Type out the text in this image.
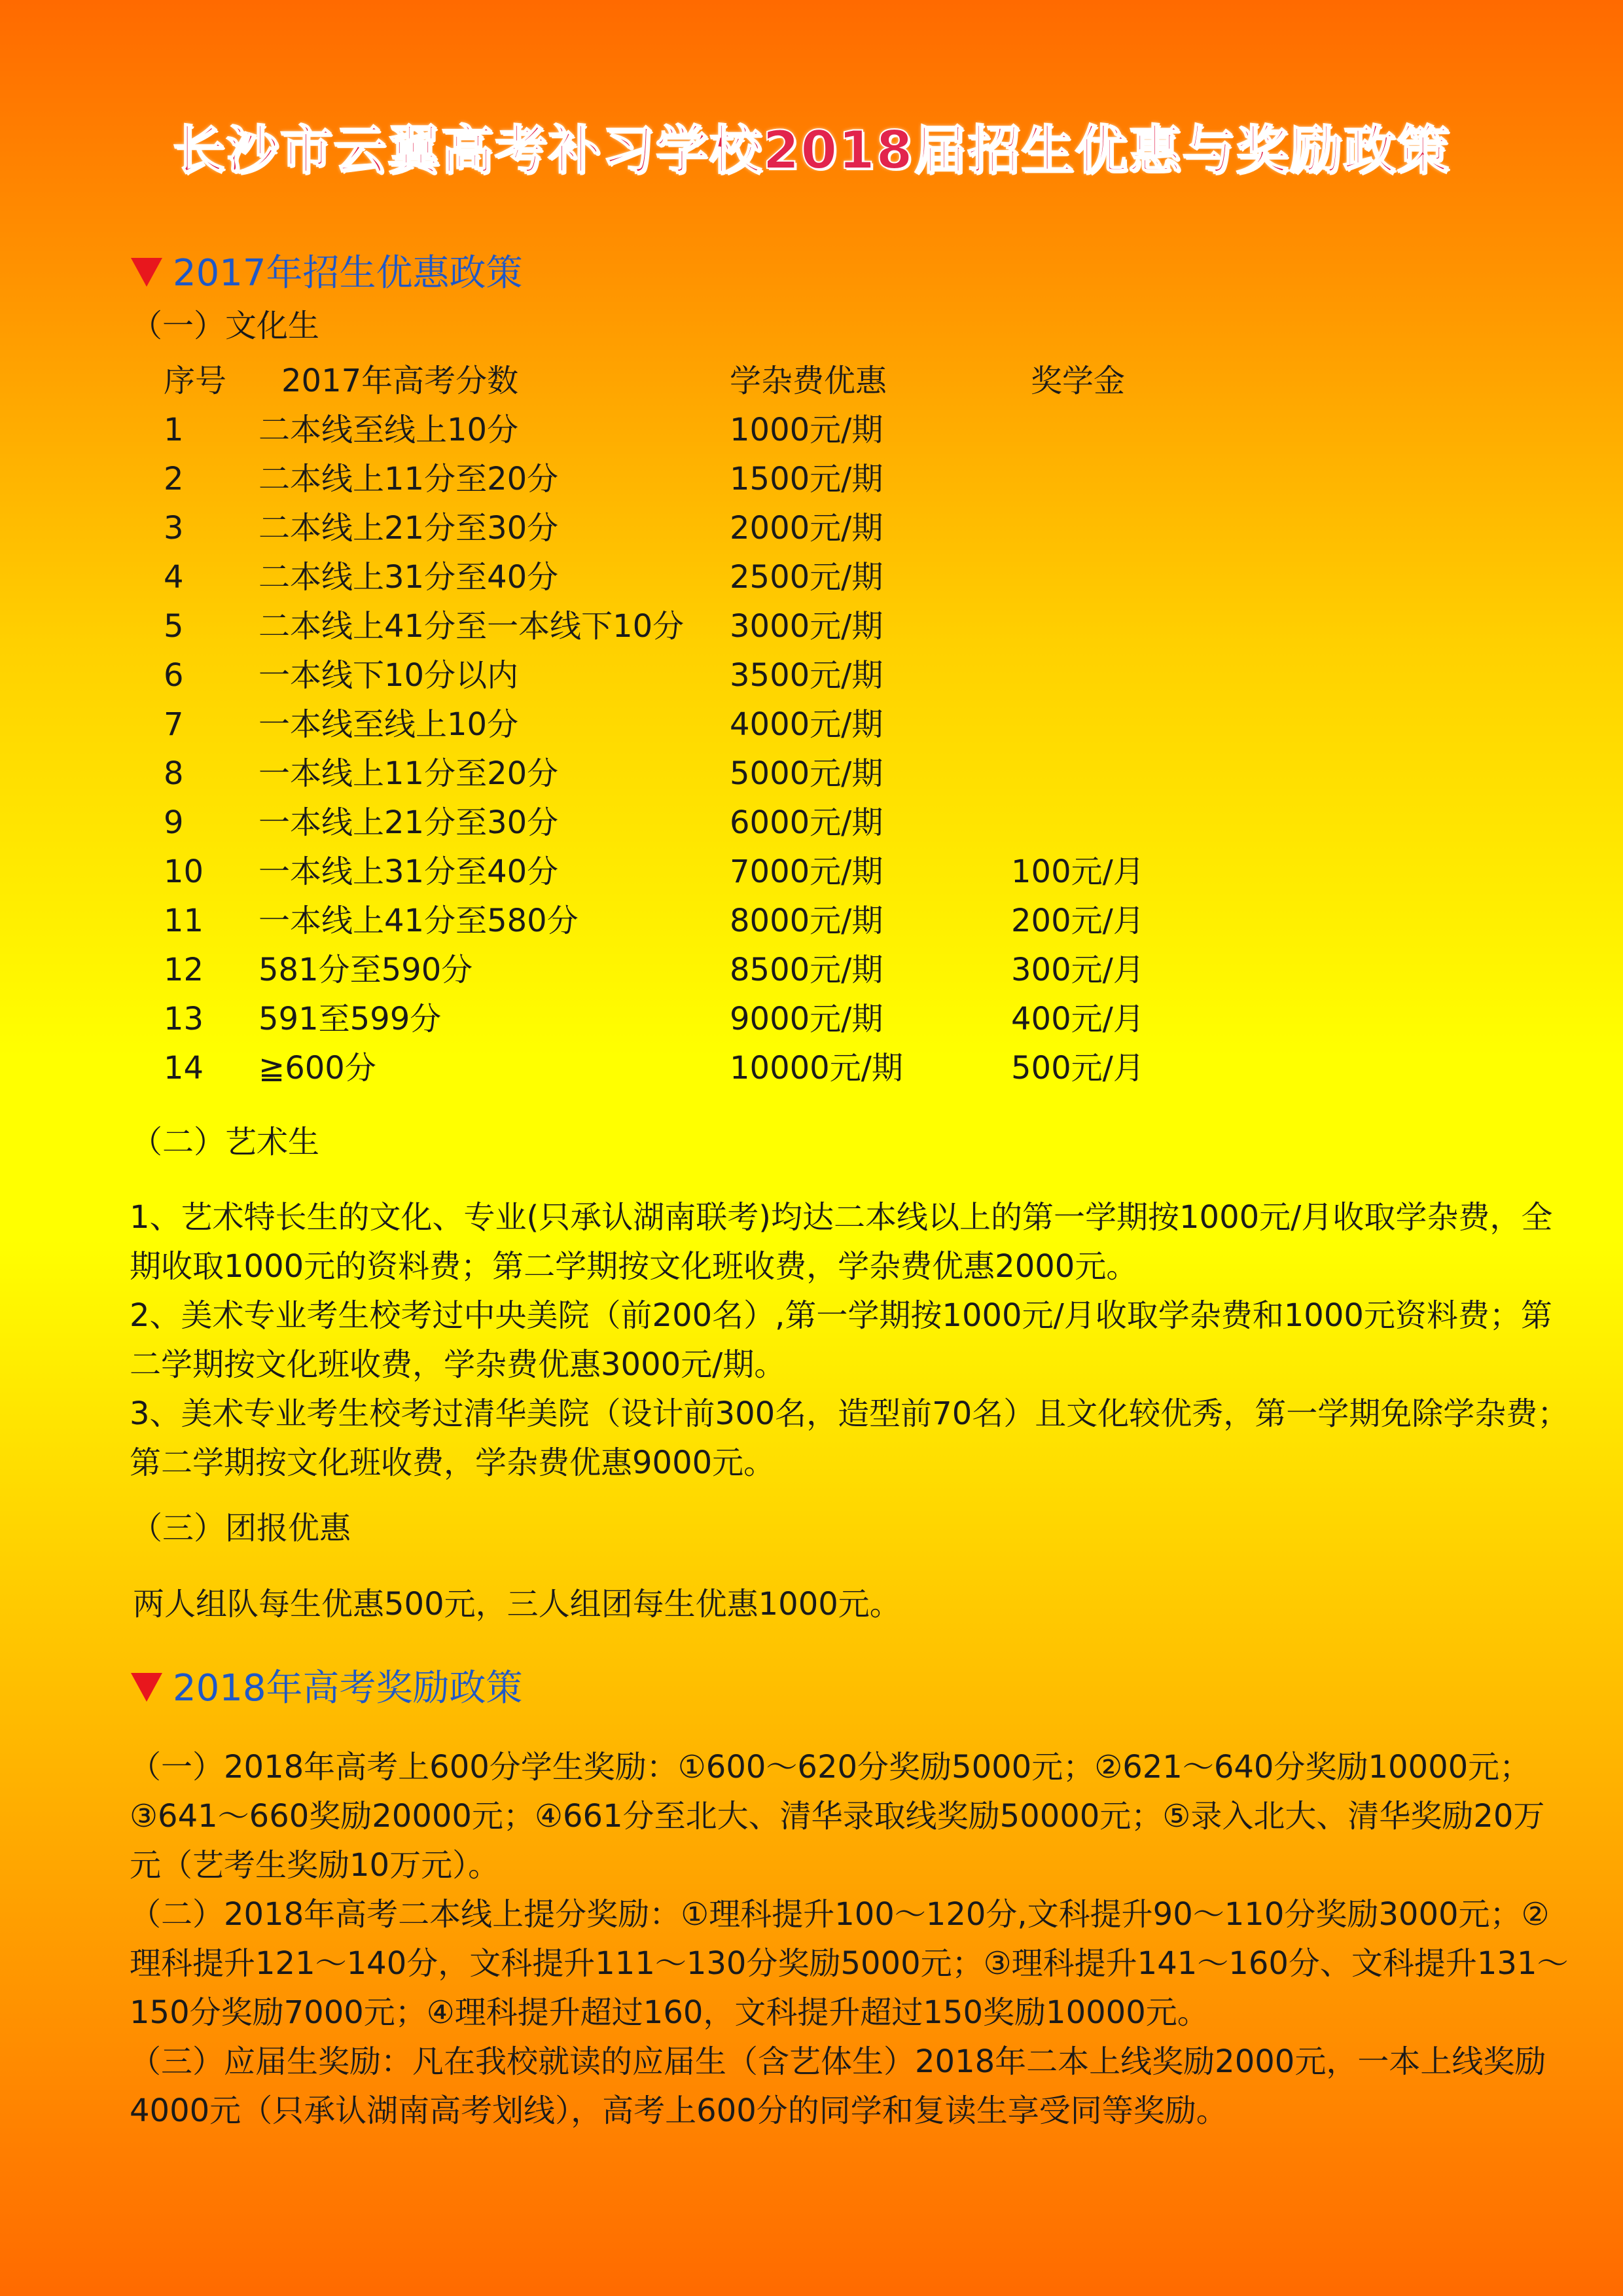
长沙市云翼高考补习学校2018届招生优惠与奖励政策
2017年招生优惠政策
（一）文化生
序号 2017年高考分数	学杂费优惠	奖学金
1 二本线至线上10分	1000元/期
2 二本线上11分至20分	1500元/期
3 二本线上21分至30分	2000元/期
4 二本线上31分至40分	2500元/期
5 二本线上41分至一本线下10分 3000元/期
6 一本线下10分以内	3500元/期
7 一本线至线上10分	4000元/期
8 一本线上11分至20分	5000元/期
9 一本线上21分至30分	6000元/期
10 一本线上31分至40分	7000元/期	100元/月
11 一本线上41分至580分	8000元/期	200元/月
12 581分至590分	8500元/期	300元/月
13 591至599分	9000元/期	400元/月
14 ≧600分	10000元/期	500元/月
（二）艺术生

1、艺术特长生的文化、专业(只承认湖南联考)均达二本线以上的第一学期按1000元/月收取学杂费，全期收取1000元的资料费；第二学期按文化班收费，学杂费优惠2000元。

2、美术专业考生校考过中央美院（前200名）,第一学期按1000元/月收取学杂费和1000元资料费；第二学期按文化班收费，学杂费优惠3000元/期。

3、美术专业考生校考过清华美院（设计前300名，造型前70名）且文化较优秀，第一学期免除学杂费；第二学期按文化班收费，学杂费优惠9000元。

（三）团报优惠
两人组队每生优惠500元，三人组团每生优惠1000元。
2018年高考奖励政策

（一）2018年高考上600分学生奖励：①600～620分奖励5000元；②621～640分奖励10000元；③641～660奖励20000元；④661分至北大、清华录取线奖励50000元；⑤录入北大、清华奖励20万元（艺考生奖励10万元）。

（二）2018年高考二本线上提分奖励：①理科提升100～120分,文科提升90～110分奖励3000元；②理科提升121～140分，文科提升111～130分奖励5000元；③理科提升141～160分、文科提升131～150分奖励7000元；④理科提升超过160，文科提升超过150奖励10000元。

（三）应届生奖励：凡在我校就读的应届生（含艺体生）2018年二本上线奖励2000元，一本上线奖励4000元（只承认湖南高考划线），高考上600分的同学和复读生享受同等奖励。
